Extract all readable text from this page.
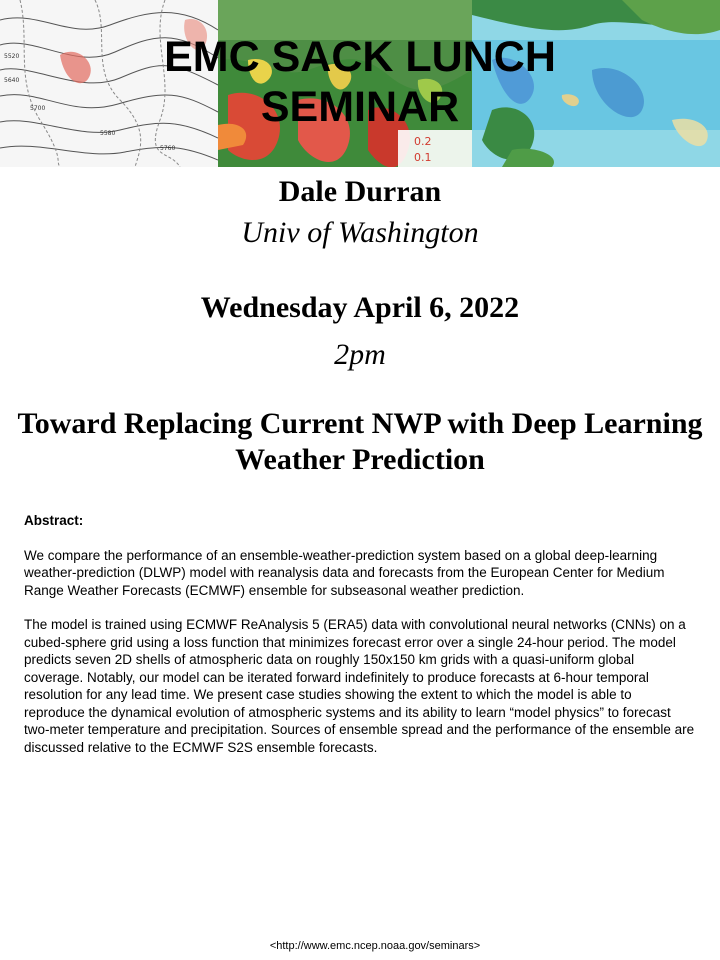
5520
5640
5700
5580
5760
0.2
0.1
EMC SACK LUNCH
SEMINAR
Dale Durran
Univ of Washington
Wednesday April 6, 2022
2pm
Toward Replacing Current NWP with Deep Learning
Weather Prediction
Abstract:

We compare the performance of an ensemble-weather-prediction system based on a global deep-learning weather-prediction (DLWP) model with reanalysis data and forecasts from the European Center for Medium Range Weather Forecasts (ECMWF) ensemble for subseasonal weather prediction.

The model is trained using ECMWF ReAnalysis 5 (ERA5) data with convolutional neural networks (CNNs) on a cubed-sphere grid using a loss function that minimizes forecast error over a single 24-hour period. The model predicts seven 2D shells of atmospheric data on roughly 150x150 km grids with a quasi-uniform global coverage. Notably, our model can be iterated forward indefinitely to produce forecasts at 6-hour temporal resolution for any lead time. We present case studies showing the extent to which the model is able to reproduce the dynamical evolution of atmospheric systems and its ability to learn “model physics” to forecast two-meter temperature and precipitation. Sources of ensemble spread and the performance of the ensemble are discussed relative to the ECMWF S2S ensemble forecasts.

<http://www.emc.ncep.noaa.gov/seminars>
